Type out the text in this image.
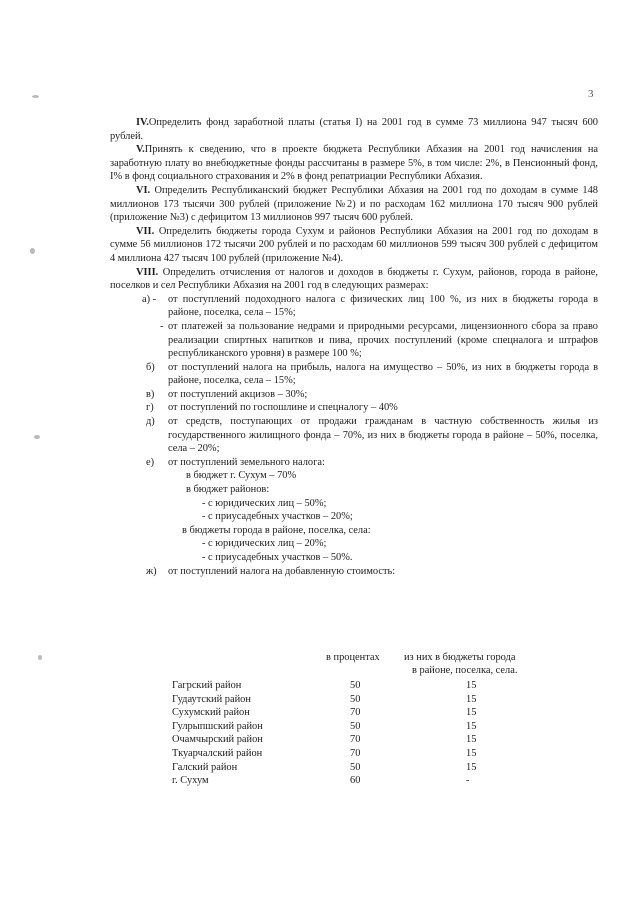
3

IV.Определить фонд заработной платы (статья I) на 2001 год в сумме 73 миллиона 947 тысяч 600 рублей.

V.Принять к сведению, что в проекте бюджета Республики Абхазия на 2001 год начисления на заработную плату во внебюджетные фонды рассчитаны в размере 5%, в том числе: 2%, в Пенсионный фонд, I% в фонд социального страхования и 2% в фонд репатриации Республики Абхазия.

VI. Определить Республиканский бюджет Республики Абхазия на 2001 год по доходам в сумме 148 миллионов 173 тысячи 300 рублей (приложение №2) и по расходам 162 миллиона 170 тысяч 900 рублей (приложение №3) с дефицитом 13 миллионов 997 тысяч 600 рублей.

VII. Определить бюджеты города Сухум и районов Республики Абхазия на 2001 год по доходам в сумме 56 миллионов 172 тысячи 200 рублей и по расходам 60 миллионов 599 тысяч 300 рублей с дефицитом 4 миллиона 427 тысяч 100 рублей (приложение №4).

VIII. Определить отчисления от налогов и доходов в бюджеты г. Сухум, районов, города в районе, поселков и сел Республики Абхазия на 2001 год в следующих размерах:

а) - от поступлений подоходного налога с физических лиц 100 %, из них в бюджеты города в районе, поселка, села – 15%;
- от платежей за пользование недрами и природными ресурсами, лицензионного сбора за право реализации спиртных напитков и пива, прочих поступлений (кроме спецналога и штрафов республиканского уровня) в размере 100 %;
б) от поступлений налога на прибыль, налога на имущество – 50%, из них в бюджеты города в районе, поселка, села – 15%;
в) от поступлений акцизов – 30%;
г) от поступлений по госпошлине и спецналогу – 40%
д) от средств, поступающих от продажи гражданам в частную собственность жилья из государственного жилищного фонда – 70%, из них в бюджеты города в районе – 50%, поселка, села – 20%;
е) от поступлений земельного налога:
в бюджет г. Сухум – 70%
в бюджет районов:
- с юридических лиц – 50%;
- с приусадебных участков – 20%;
в бюджеты города в районе, поселка, села:
- с юридических лиц – 20%;
- с приусадебных участков – 50%.
ж) от поступлений налога на добавленную стоимость:
в процентах из них в бюджеты города
в районе, поселка, села.
Гагрский район	50	15
Гудаутский район	50	15
Сухумский район	70	15
Гулрыпшский район	50	15
Очамчырский район	70	15
Ткуарчалский район	70	15
Галский район	50	15
г. Сухум	60	-
